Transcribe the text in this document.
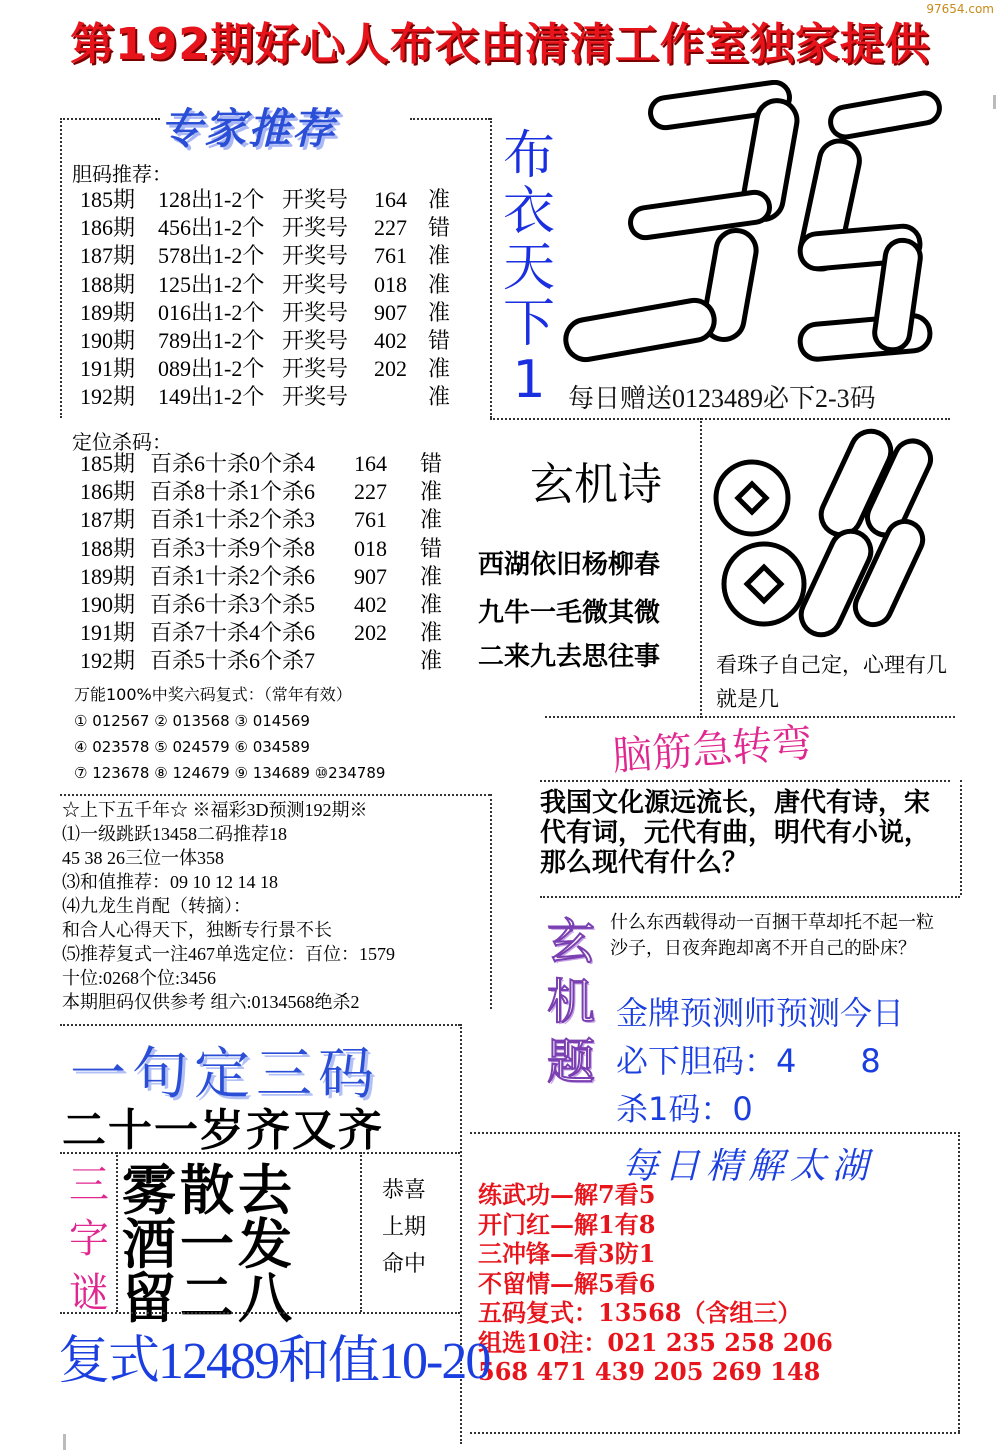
97654.com
第192期好心人布衣由清清工作室独家提供
专家推荐
胆码推荐：
185期	128出1-2个 开奖号	164 准
186期	456出1-2个 开奖号	227 错
187期	578出1-2个 开奖号	761 准
188期	125出1-2个 开奖号	018 准
189期	016出1-2个 开奖号	907 准
190期	789出1-2个 开奖号	402 错
191期	089出1-2个 开奖号	202 准
192期	149出1-2个 开奖号	准
定位杀码：
185期 百杀6十杀0个杀4	164	错
186期 百杀8十杀1个杀6	227	准
187期 百杀1十杀2个杀3	761	准
188期 百杀3十杀9个杀8	018	错
189期 百杀1十杀2个杀6	907	准
190期 百杀6十杀3个杀5	402	准
191期 百杀7十杀4个杀6	202	准
192期 百杀5十杀6个杀7	准
万能100%中奖六码复式：（常年有效）
① 012567 ② 013568 ③ 014569
④ 023578 ⑤ 024579 ⑥ 034589
⑦ 123678 ⑧ 124679 ⑨ 134689 ⑩234789
☆上下五千年☆ ※福彩3D预测192期※
⑴一级跳跃13458二码推荐18
45 38 26三位一体358
⑶和值推荐：09 10 12 14 18
⑷九龙生肖配（转摘）：
和合人心得天下，独断专行景不长
⑸推荐复式一注467单选定位：百位：1579
十位:0268个位:3456
本期胆码仅供参考 组六:0134568绝杀2
布
衣
天
下
1 每日赠送0123489必下2-3码
玄机诗
西湖依旧杨柳春
九牛一毛微其微
二来九去思往事	看珠子自己定，心理有几就是几
脑筋急转弯
我国文化源远流长，唐代有诗，宋代有词，元代有曲，明代有小说，那么现代有什么？
玄
机
题
什么东西载得动一百捆干草却托不起一粒沙子，日夜奔跑却离不开自己的卧床？
金牌预测师预测今日
必下胆码：4　　8
杀1码：0
每日精解太湖
练武功—解7看5
开门红—解1有8
三冲锋—看3防1
不留情—解5看6
五码复式：13568（含组三）
组选10注：021 235 258 206
568 471 439 205 269 148
一句定三码
二十一岁齐又齐
三
字
谜
雾散去
酒一发
留二八
恭喜
上期
命中
复式12489和值10-20
